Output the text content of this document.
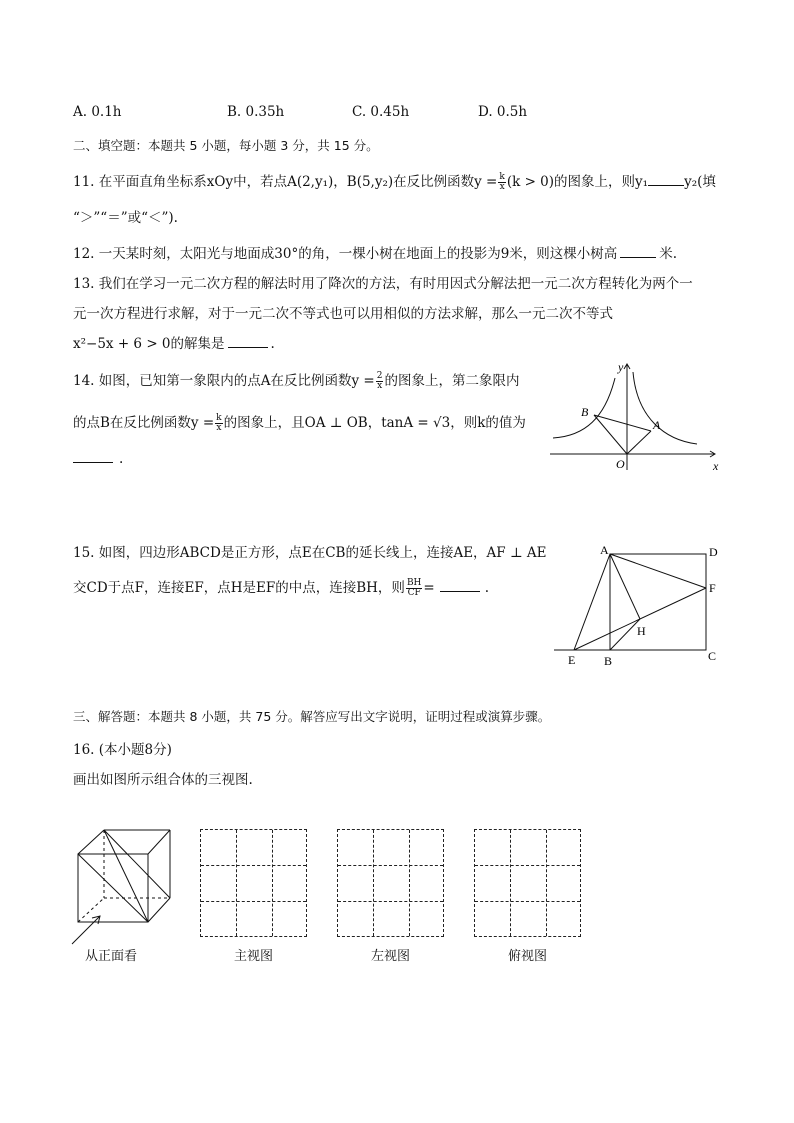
A. 0.1h	B. 0.35h	C. 0.45h	D. 0.5h
二、填空题：本题共 5 小题，每小题 3 分，共 15 分。
11. 在平面直角坐标系xOy中，若点A(2,y₁)，B(5,y₂)在反比例函数$y = \frac{k}{x} (k > 0)$的图象上，则y₁	y₂(填
“＞”“＝”或“＜”).
12. 一天某时刻，太阳光与地面成30°的角，一棵小树在地面上的投影为9米，则这棵小树高	米.
13. 我们在学习一元二次方程的解法时用了降次的方法，有时用因式分解法把一元二次方程转化为两个一
元一次方程进行求解，对于一元二次不等式也可以用相似的方法求解，那么一元二次不等式
x²−5x + 6 > 0的解集是	.
14. 如图，已知第一象限内的点A在反比例函数$y = \frac{2}{x}$ 的图象上，第二象限内
的点B在反比例函数$y = \frac{k}{x}$ 的图象上，且OA ⊥ OB，tanA = √3，则k的值为
.
y
B
A
O	x
15. 如图，四边形ABCD是正方形，点E在CB的延长线上，连接AE，AF ⊥ AE
交CD于点F，连接EF，点H是EF的中点，连接BH，则 $\frac{BH}{CF}$ =	.
A	D
F
H
E B	C
三、解答题：本题共 8 小题，共 75 分。解答应写出文字说明，证明过程或演算步骤。
16. (本小题8分)
画出如图所示组合体的三视图.
从正面看	主视图	左视图	俯视图
